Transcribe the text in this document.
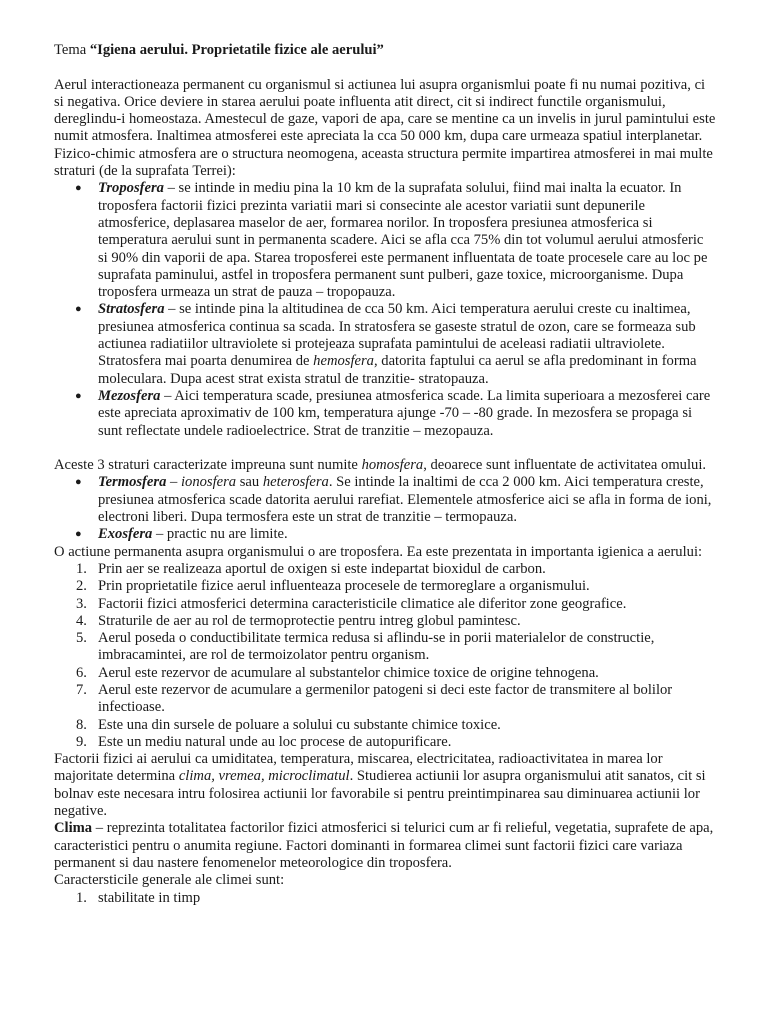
Tema “Igiena aerului. Proprietatile fizice ale aerului”

Aerul interactioneaza permanent cu organismul si actiunea lui asupra organismlui poate fi nu numai pozitiva, ci si negativa. Orice deviere in starea aerului poate influenta atit direct, cit si indirect functile organismului, dereglindu-i homeostaza. Amestecul de gaze, vapori de apa, care se mentine ca un invelis in jurul pamintului este numit atmosfera. Inaltimea atmosferei este apreciata la cca 50 000 km, dupa care urmeaza spatiul interplanetar. Fizico-chimic atmosfera are o structura neomogena, aceasta structura permite impartirea atmosferei in mai multe straturi (de la suprafata Terrei):

● Troposfera – se intinde in mediu pina la 10 km de la suprafata solului, fiind mai inalta la ecuator. In troposfera factorii fizici prezinta variatii mari si consecinte ale acestor variatii sunt depunerile atmosferice, deplasarea maselor de aer, formarea norilor. In troposfera presiunea atmosferica si temperatura aerului sunt in permanenta scadere. Aici se afla cca 75% din tot volumul aerului atmosferic si 90% din vaporii de apa. Starea troposferei este permanent influentata de toate procesele care au loc pe suprafata paminului, astfel in troposfera permanent sunt pulberi, gaze toxice, microorganisme. Dupa troposfera urmeaza un strat de pauza – tropopauza.
● Stratosfera – se intinde pina la altitudinea de cca 50 km. Aici temperatura aerului creste cu inaltimea, presiunea atmosferica continua sa scada. In stratosfera se gaseste stratul de ozon, care se formeaza sub actiunea radiatiilor ultraviolete si protejeaza suprafata pamintului de aceleasi radiatii ultraviolete. Stratosfera mai poarta denumirea de hemosfera, datorita faptului ca aerul se afla predominant in forma moleculara. Dupa acest strat exista stratul de tranzitie- stratopauza.
● Mezosfera – Aici temperatura scade, presiunea atmosferica scade. La limita superioara a mezosferei care este apreciata aproximativ de 100 km, temperatura ajunge -70 – -80 grade. In mezosfera se propaga si sunt reflectate undele radioelectrice. Strat de tranzitie – mezopauza.

Aceste 3 straturi caracterizate impreuna sunt numite homosfera, deoarece sunt influentate de activitatea omului.

● Termosfera – ionosfera sau heterosfera. Se intinde la inaltimi de cca 2 000 km. Aici temperatura creste, presiunea atmosferica scade datorita aerului rarefiat. Elementele atmosferice aici se afla in forma de ioni, electroni liberi. Dupa termosfera este un strat de tranzitie – termopauza.
● Exosfera – practic nu are limite.

O actiune permanenta asupra organismului o are troposfera. Ea este prezentata in importanta igienica a aerului:

1. Prin aer se realizeaza aportul de oxigen si este indepartat bioxidul de carbon.
2. Prin proprietatile fizice aerul influenteaza procesele de termoreglare a organismului.
3. Factorii fizici atmosferici determina caracteristicile climatice ale diferitor zone geografice.
4. Straturile de aer au rol de termoprotectie pentru intreg globul pamintesc.
5. Aerul poseda o conductibilitate termica redusa si aflindu-se in porii materialelor de constructie, imbracamintei, are rol de termoizolator pentru organism.
6. Aerul este rezervor de acumulare al substantelor chimice toxice de origine tehnogena.
7. Aerul este rezervor de acumulare a germenilor patogeni si deci este factor de transmitere al bolilor infectioase.
8. Este una din sursele de poluare a solului cu substante chimice toxice.
9. Este un mediu natural unde au loc procese de autopurificare.

Factorii fizici ai aerului ca umiditatea, temperatura, miscarea, electricitatea, radioactivitatea in marea lor majoritate determina clima, vremea, microclimatul. Studierea actiunii lor asupra organismului atit sanatos, cit si bolnav este necesara intru folosirea actiunii lor favorabile si pentru preintimpinarea sau diminuarea actiunii lor negative.

Clima – reprezinta totalitatea factorilor fizici atmosferici si telurici cum ar fi relieful, vegetatia, suprafete de apa, caracteristici pentru o anumita regiune. Factori dominanti in formarea climei sunt factorii fizici care variaza permanent si dau nastere fenomenelor meteorologice din troposfera.

Caractersticile generale ale climei sunt:

1. stabilitate in timp
